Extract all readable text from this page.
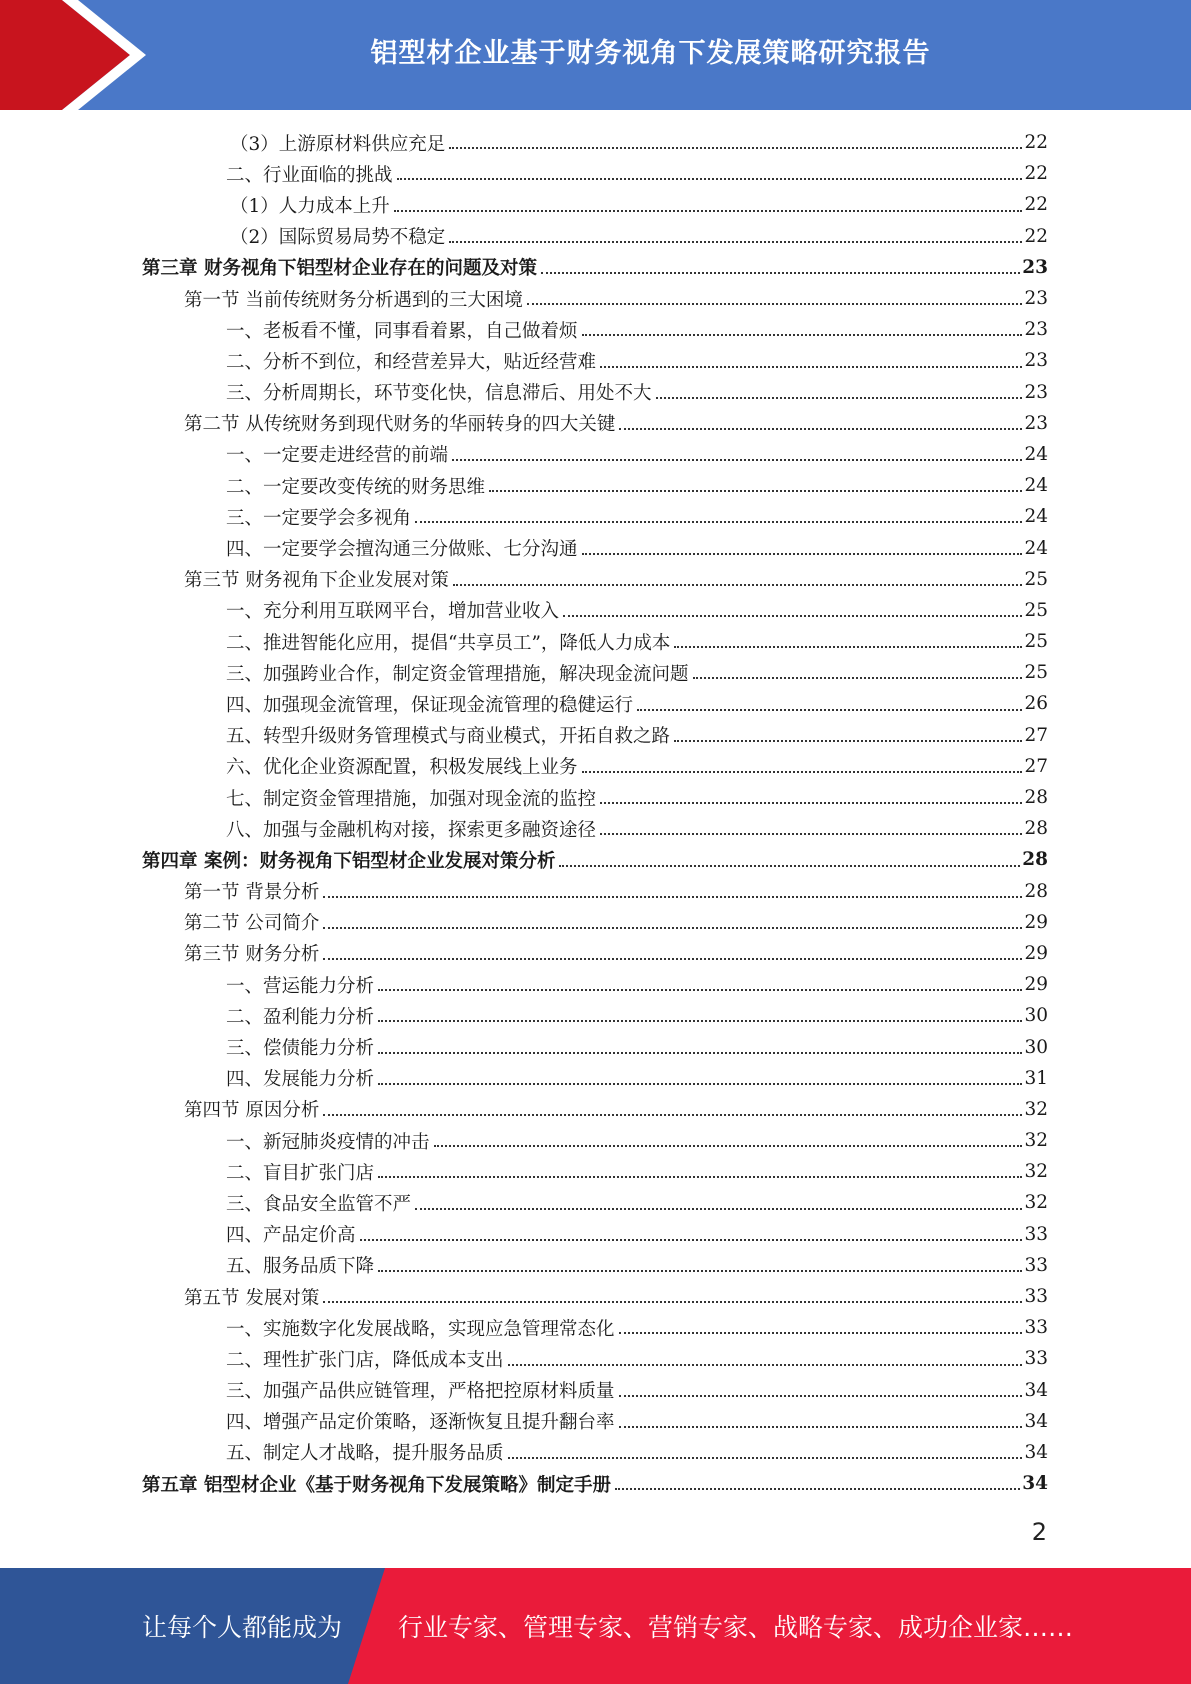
铝型材企业基于财务视角下发展策略研究报告
（3）上游原材料供应充足	22
二、行业面临的挑战	22
（1）人力成本上升	22
（2）国际贸易局势不稳定	22
第三章 财务视角下铝型材企业存在的问题及对策	23
第一节 当前传统财务分析遇到的三大困境	23
一、老板看不懂，同事看着累，自己做着烦	23
二、分析不到位，和经营差异大，贴近经营难	23
三、分析周期长，环节变化快，信息滞后、用处不大	23
第二节 从传统财务到现代财务的华丽转身的四大关键	23
一、一定要走进经营的前端	24
二、一定要改变传统的财务思维	24
三、一定要学会多视角	24
四、一定要学会擅沟通三分做账、七分沟通	24
第三节 财务视角下企业发展对策	25
一、充分利用互联网平台，增加营业收入	25
二、推进智能化应用，提倡“共享员工”，降低人力成本	25
三、加强跨业合作，制定资金管理措施，解决现金流问题	25
四、加强现金流管理，保证现金流管理的稳健运行	26
五、转型升级财务管理模式与商业模式，开拓自救之路	27
六、优化企业资源配置，积极发展线上业务	27
七、制定资金管理措施，加强对现金流的监控	28
八、加强与金融机构对接，探索更多融资途径	28
第四章 案例：财务视角下铝型材企业发展对策分析	28
第一节 背景分析	28
第二节 公司简介	29
第三节 财务分析	29
一、营运能力分析	29
二、盈利能力分析	30
三、偿债能力分析	30
四、发展能力分析	31
第四节 原因分析	32
一、新冠肺炎疫情的冲击	32
二、盲目扩张门店	32
三、食品安全监管不严	32
四、产品定价高	33
五、服务品质下降	33
第五节 发展对策	33
一、实施数字化发展战略，实现应急管理常态化	33
二、理性扩张门店，降低成本支出	33
三、加强产品供应链管理，严格把控原材料质量	34
四、增强产品定价策略，逐渐恢复且提升翻台率	34
五、制定人才战略，提升服务品质	34
第五章 铝型材企业《基于财务视角下发展策略》制定手册	34
2
让每个人都能成为 行业专家、管理专家、营销专家、战略专家、成功企业家……
